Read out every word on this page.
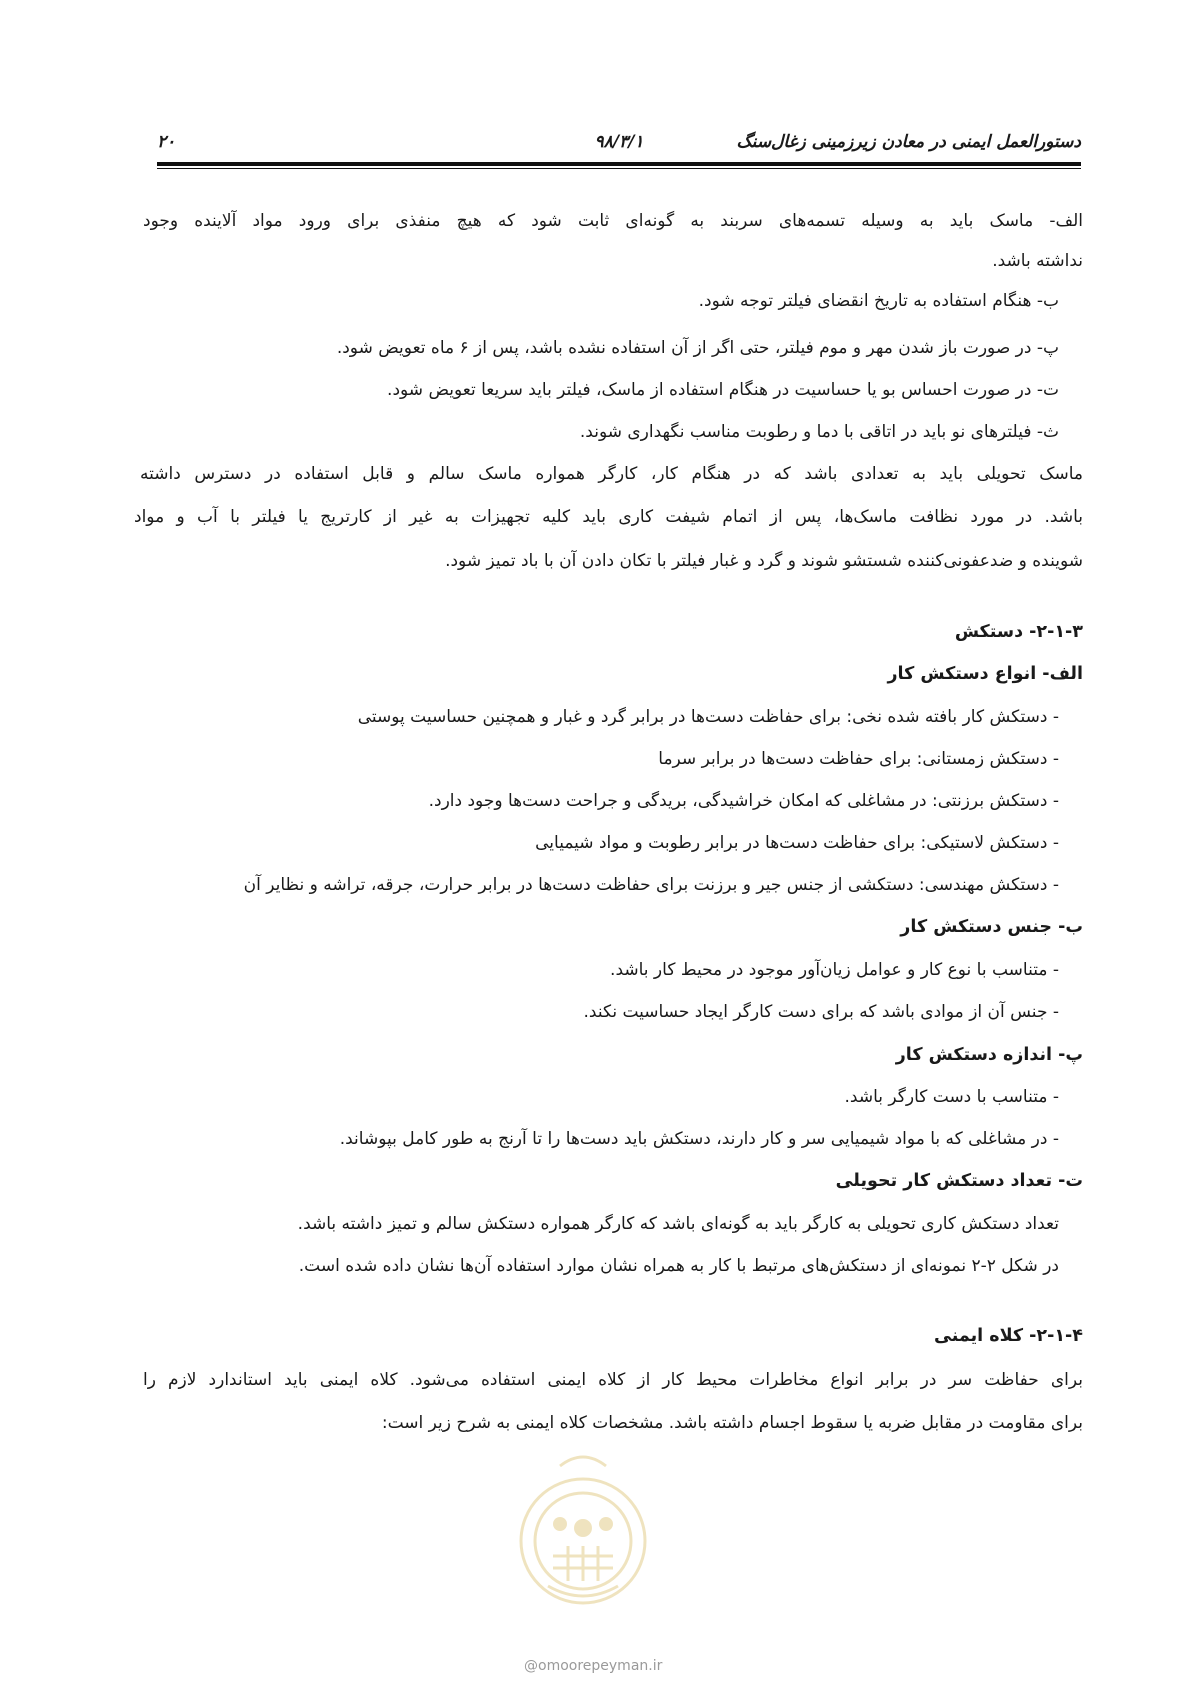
دستورالعمل ایمنی در معادن زیرزمینی زغال‌سنگ
۹۸/۳/۱
۲۰
الف- ماسک باید به وسیله تسمه‌های سربند به گونه‌ای ثابت شود که هیچ منفذی برای ورود مواد آلاینده وجود
نداشته باشد.
ب- هنگام استفاده به تاریخ انقضای فیلتر توجه شود.
پ- در صورت باز شدن مهر و موم فیلتر، حتی اگر از آن استفاده نشده باشد، پس از ۶ ماه تعویض شود.
ت- در صورت احساس بو یا حساسیت در هنگام استفاده از ماسک، فیلتر باید سریعا تعویض شود.
ث- فیلترهای نو باید در اتاقی با دما و رطوبت مناسب نگهداری شوند.
ماسک تحویلی باید به تعدادی باشد که در هنگام کار، کارگر همواره ماسک سالم و قابل استفاده در دسترس داشته
باشد. در مورد نظافت ماسک‌ها، پس از اتمام شیفت کاری باید کلیه تجهیزات به غیر از کارتریج یا فیلتر با آب و مواد
شوینده و ضدعفونی‌کننده شستشو شوند و گرد و غبار فیلتر با تکان دادن آن با باد تمیز شود.
۲-۱-۳- دستکش
الف- انواع دستکش کار
- دستکش کار بافته شده نخی: برای حفاظت دست‌ها در برابر گرد و غبار و همچنین حساسیت پوستی
- دستکش زمستانی: برای حفاظت دست‌ها در برابر سرما
- دستکش برزنتی: در مشاغلی که امکان خراشیدگی، بریدگی و جراحت دست‌ها وجود دارد.
- دستکش لاستیکی: برای حفاظت دست‌ها در برابر رطوبت و مواد شیمیایی
- دستکش مهندسی: دستکشی از جنس جیر و برزنت برای حفاظت دست‌ها در برابر حرارت، جرقه، تراشه و نظایر آن
ب- جنس دستکش کار
- متناسب با نوع کار و عوامل زیان‌آور موجود در محیط کار باشد.
- جنس آن از موادی باشد که برای دست کارگر ایجاد حساسیت نکند.
پ- اندازه دستکش کار
- متناسب با دست کارگر باشد.
- در مشاغلی که با مواد شیمیایی سر و کار دارند، دستکش باید دست‌ها را تا آرنج به طور کامل بپوشاند.
ت- تعداد دستکش کار تحویلی
تعداد دستکش کاری تحویلی به کارگر باید به گونه‌ای باشد که کارگر همواره دستکش سالم و تمیز داشته باشد.
در شکل ۲-۲ نمونه‌ای از دستکش‌های مرتبط با کار به همراه نشان موارد استفاده آن‌ها نشان داده شده است.
۲-۱-۴- کلاه ایمنی
برای حفاظت سر در برابر انواع مخاطرات محیط کار از کلاه ایمنی استفاده می‌شود. کلاه ایمنی باید استاندارد لازم را
برای مقاومت در مقابل ضربه یا سقوط اجسام داشته باشد. مشخصات کلاه ایمنی به شرح زیر است:
@omoorepeyman.ir
